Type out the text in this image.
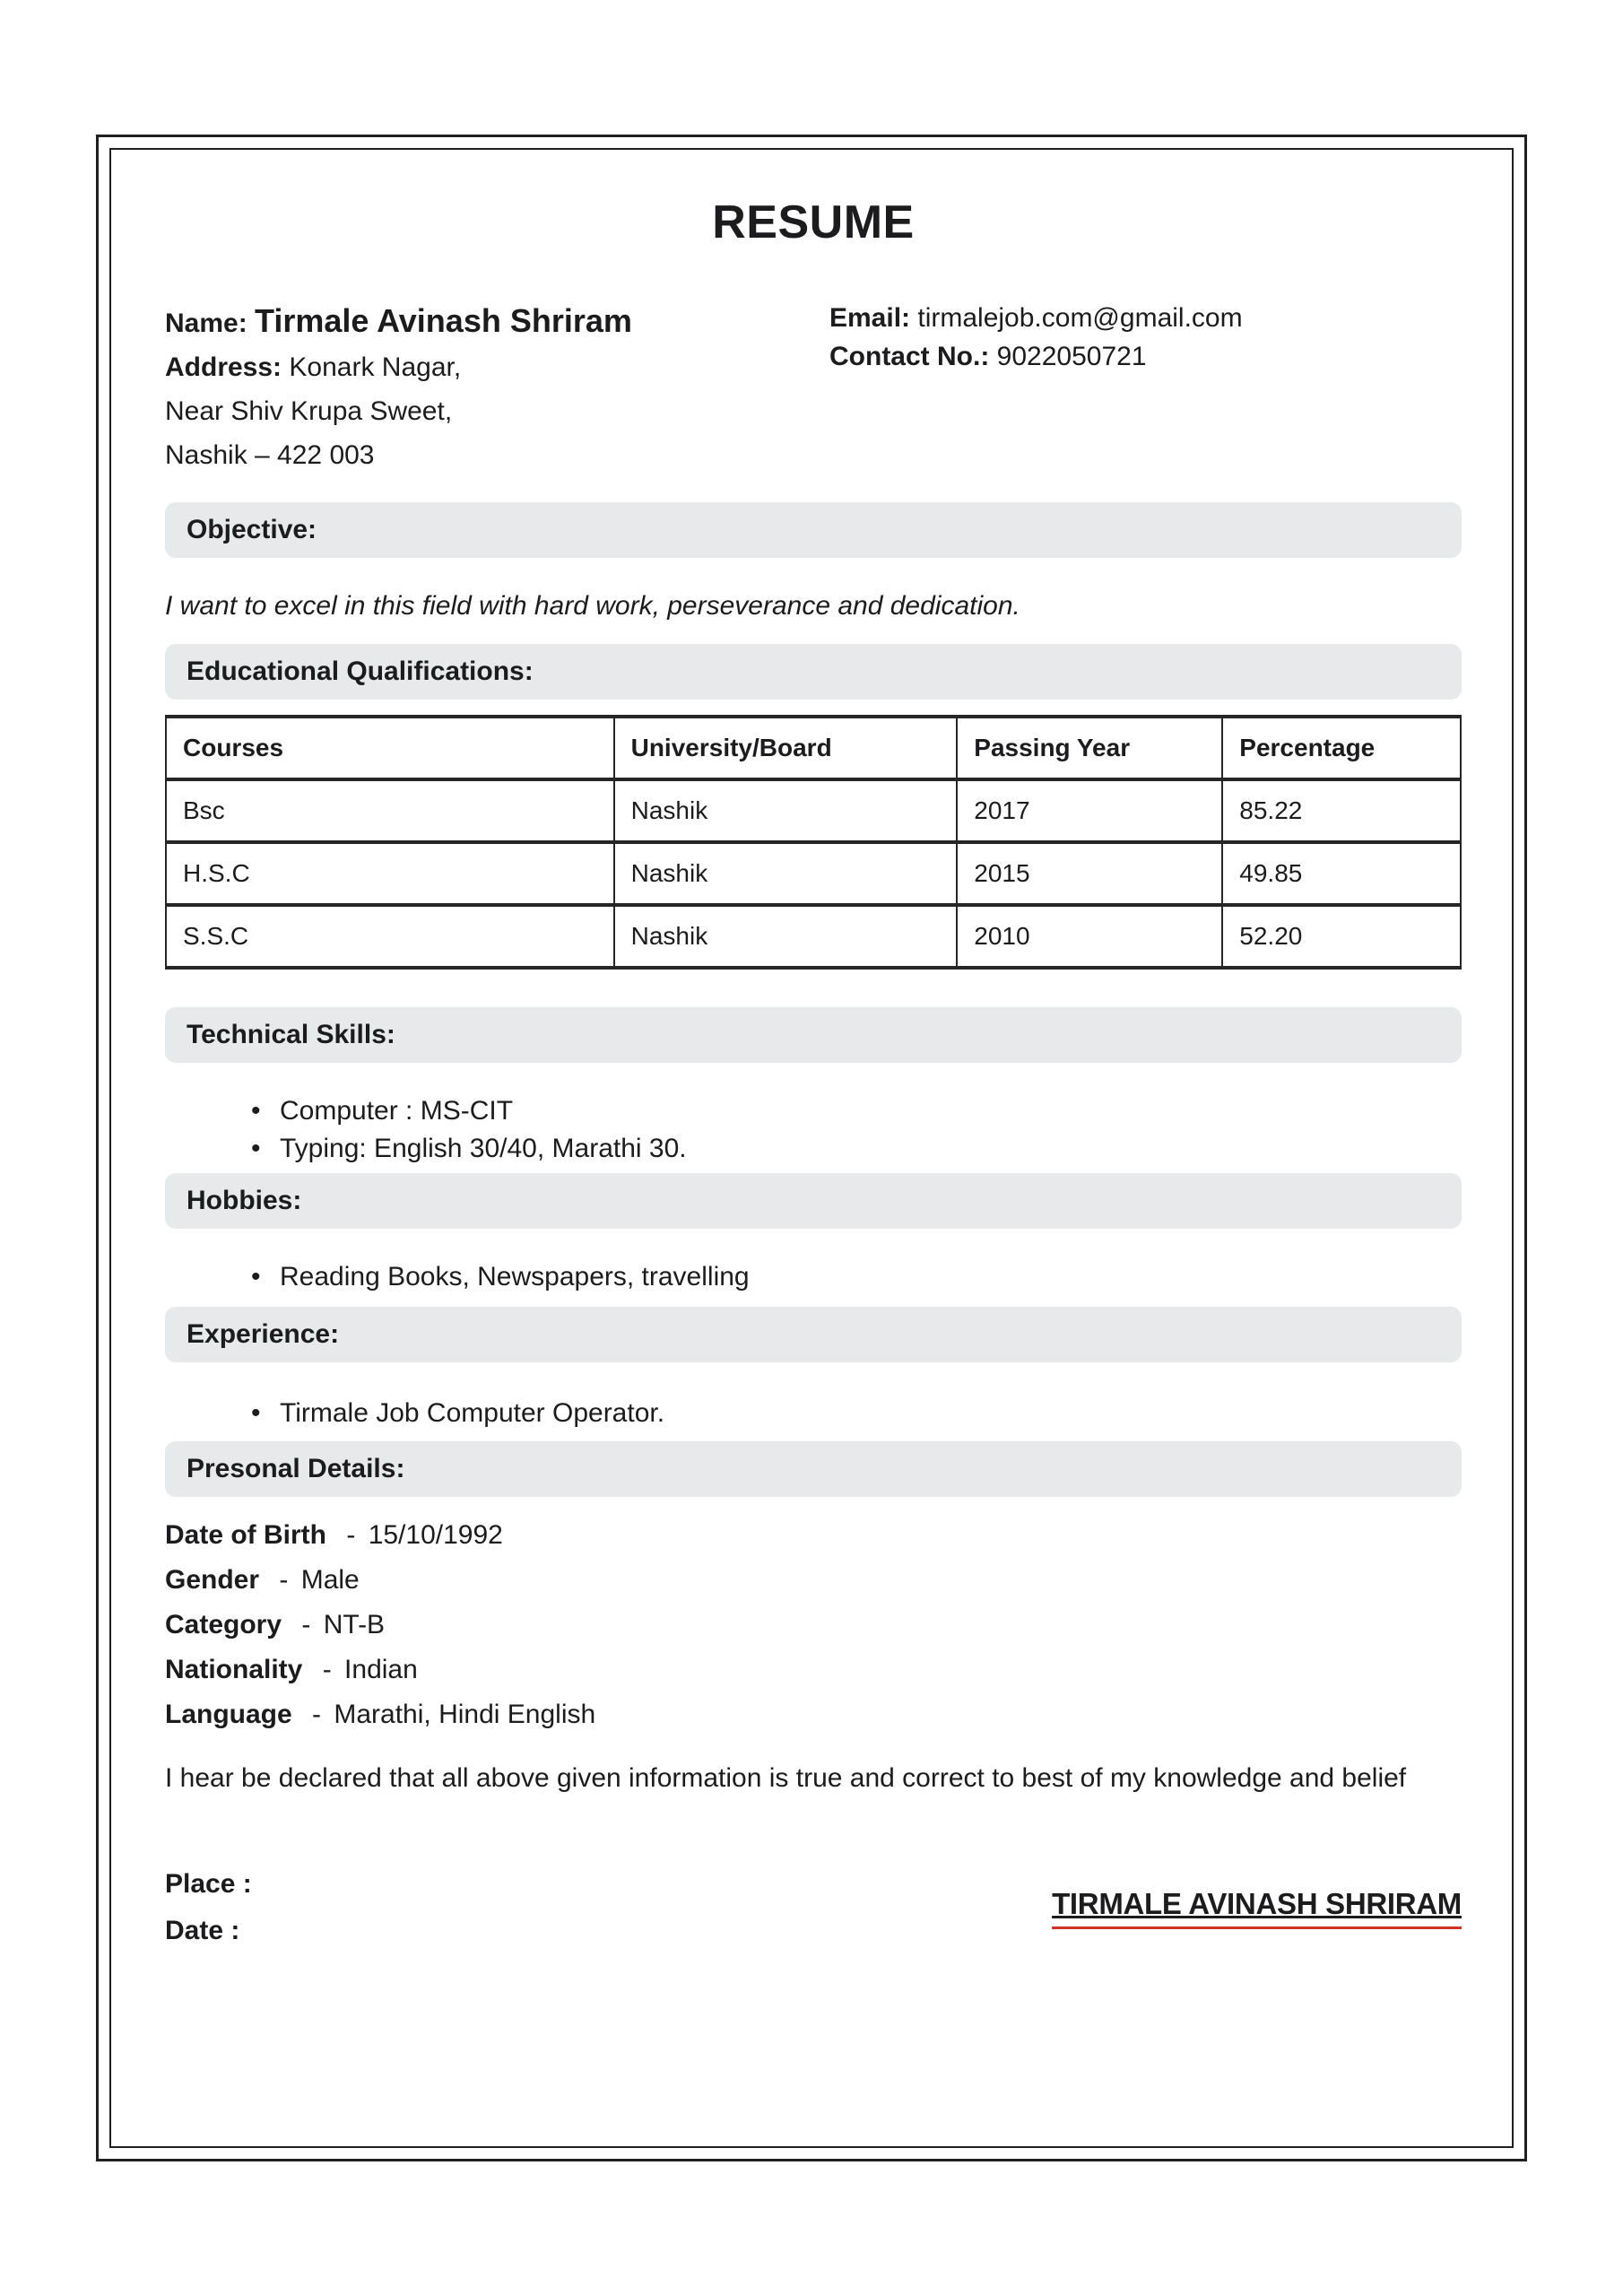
RESUME
Name: Tirmale Avinash Shriram
Address: Konark Nagar,
Near Shiv Krupa Sweet,
Nashik – 422 003
Email: tirmalejob.com@gmail.com
Contact No.: 9022050721
Objective:

I want to excel in this field with hard work, perseverance and dedication.

Educational Qualifications:
Courses	University/Board	Passing Year	Percentage
Bsc	Nashik	2017	85.22
H.S.C	Nashik	2015	49.85
S.S.C	Nashik	2010	52.20
Technical Skills:
• Computer : MS-CIT
• Typing: English 30/40, Marathi 30.
Hobbies:
• Reading Books, Newspapers, travelling
Experience:
• Tirmale Job Computer Operator.
Presonal Details:
Date of Birth - 15/10/1992
Gender - Male
Category - NT-B
Nationality - Indian
Language - Marathi, Hindi English

I hear be declared that all above given information is true and correct to best of my knowledge and belief

Place :
Date :
TIRMALE AVINASH SHRIRAM
